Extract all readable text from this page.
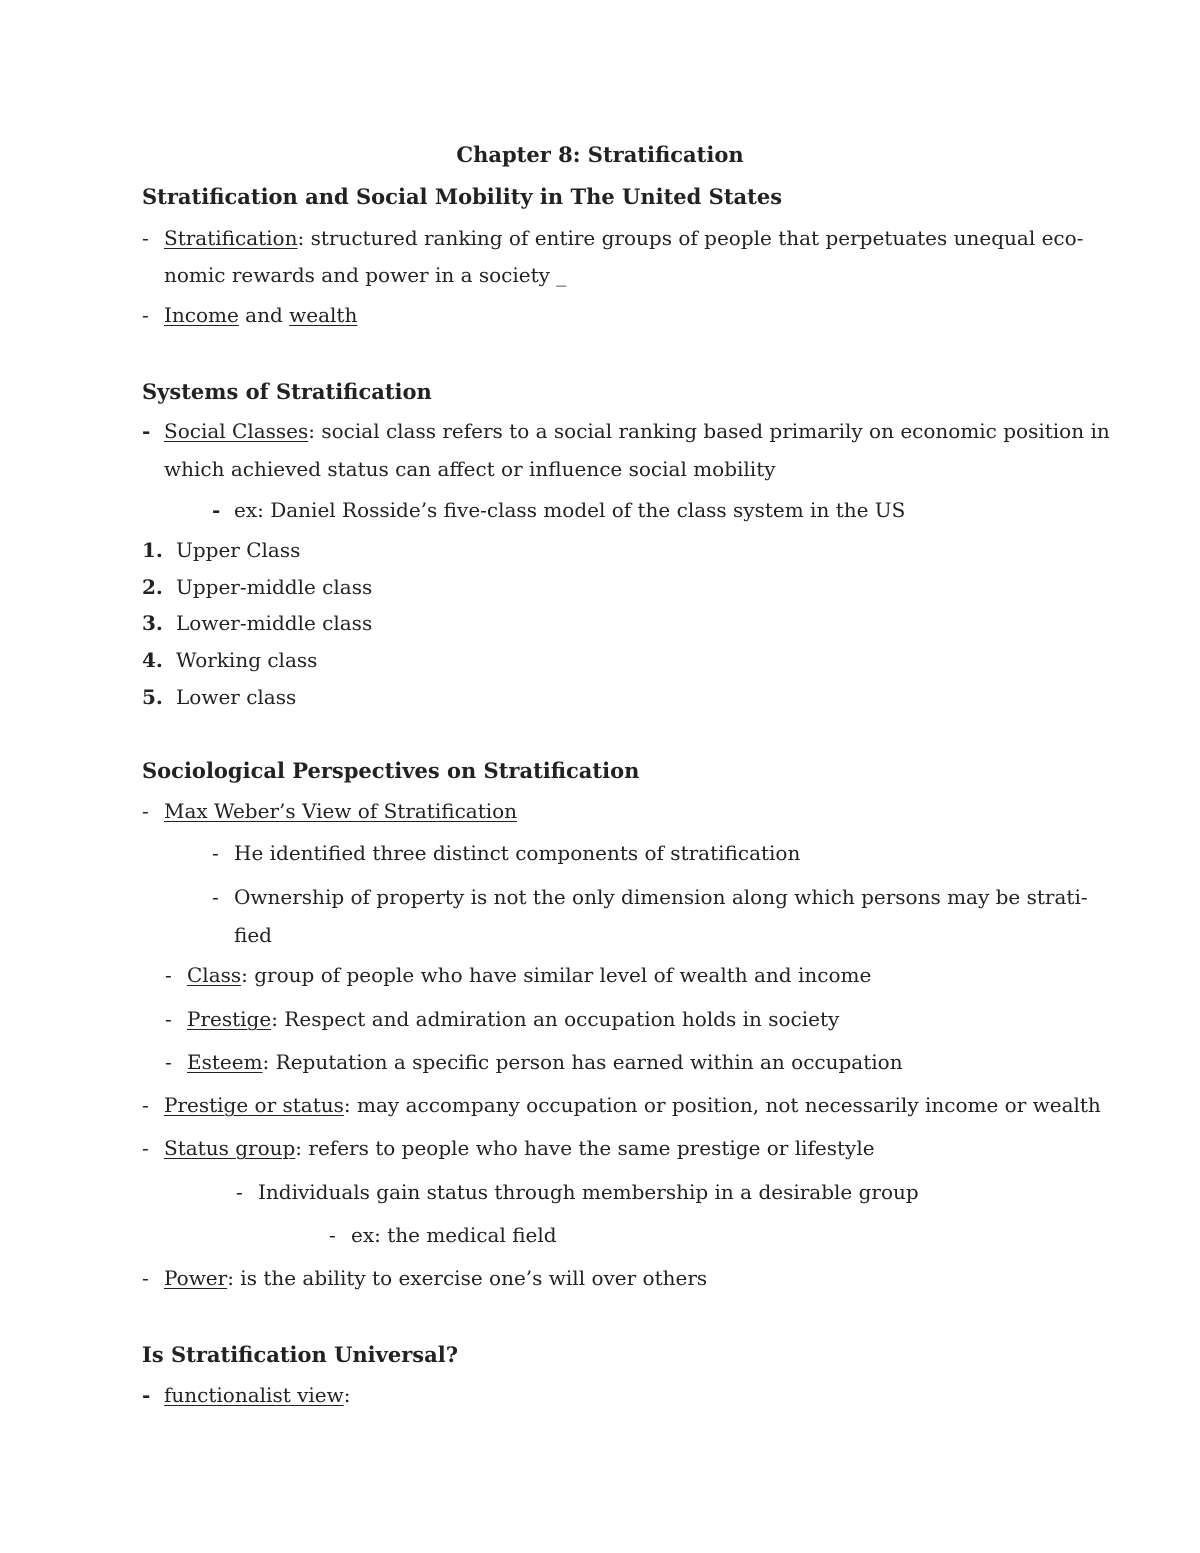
Chapter 8: Stratification
Stratification and Social Mobility in The United States
- Stratification: structured ranking of entire groups of people that perpetuates unequal eco-
nomic rewards and power in a society _
- Income and wealth
Systems of Stratification
- Social Classes: social class refers to a social ranking based primarily on economic position in
which achieved status can affect or influence social mobility
- ex: Daniel Rosside’s five-class model of the class system in the US
1. Upper Class
2. Upper-middle class
3. Lower-middle class
4. Working class
5. Lower class
Sociological Perspectives on Stratification
- Max Weber’s View of Stratification
- He identified three distinct components of stratification
- Ownership of property is not the only dimension along which persons may be strati-
fied
- Class: group of people who have similar level of wealth and income
- Prestige: Respect and admiration an occupation holds in society
- Esteem: Reputation a specific person has earned within an occupation
- Prestige or status: may accompany occupation or position, not necessarily income or wealth
- Status group: refers to people who have the same prestige or lifestyle
- Individuals gain status through membership in a desirable group
- ex: the medical field
- Power: is the ability to exercise one’s will over others
Is Stratification Universal?
- functionalist view:
